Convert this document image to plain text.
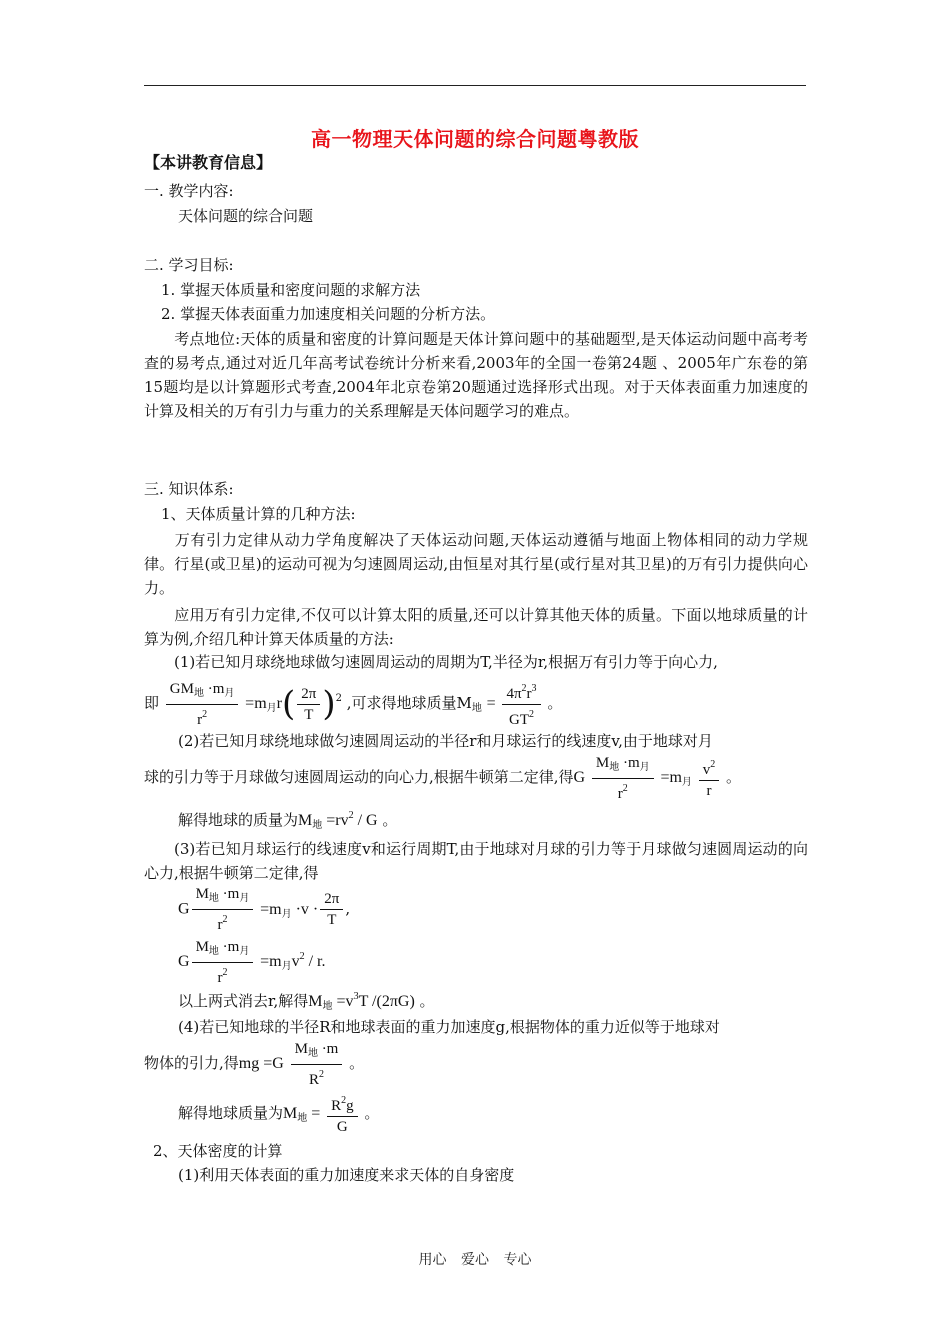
高一物理天体问题的综合问题粤教版
【本讲教育信息】
一. 教学内容:
天体问题的综合问题
二. 学习目标:
1. 掌握天体质量和密度问题的求解方法
2. 掌握天体表面重力加速度相关问题的分析方法。
考点地位:天体的质量和密度的计算问题是天体计算问题中的基础题型,是天体运动问题中高考考查的易考点,通过对近几年高考试卷统计分析来看,2003年的全国一卷第24题 、2005年广东卷的第15题均是以计算题形式考查,2004年北京卷第20题通过选择形式出现。对于天体表面重力加速度的计算及相关的万有引力与重力的关系理解是天体问题学习的难点。
三. 知识体系:
1、天体质量计算的几种方法:
万有引力定律从动力学角度解决了天体运动问题,天体运动遵循与地面上物体相同的动力学规律。行星(或卫星)的运动可视为匀速圆周运动,由恒星对其行星(或行星对其卫星)的万有引力提供向心力。
应用万有引力定律,不仅可以计算太阳的质量,还可以计算其他天体的质量。下面以地球质量的计算为例,介绍几种计算天体质量的方法:
(1)若已知月球绕地球做匀速圆周运动的周期为T,半径为r,根据万有引力等于向心力,
即 $\frac{GM_地 \cdot m_月}{r^2} =m_月r( \frac{2\pi}{T} )^2$ ,可求得地球质量$M_地 = \frac{4\pi^2r^3}{GT^2}$ 。
(2)若已知月球绕地球做匀速圆周运动的半径r和月球运行的线速度v,由于地球对月
球的引力等于月球做匀速圆周运动的向心力,根据牛顿第二定律,得G $\frac{M_地 \cdot m_月}{r^2} =m_月 \frac{v^2}{r}$ 。
解得地球的质量为$M_地 =rv^2 / G$ 。
(3)若已知月球运行的线速度v和运行周期T,由于地球对月球的引力等于月球做匀速圆周运动的向心力,根据牛顿第二定律,得
G $\frac{M_地 \cdot m_月}{r^2} =m_月 \cdot v \cdot \frac{2\pi}{T}$ ,
G $\frac{M_地 \cdot m_月}{r^2} =m_月v^2 / r$.
以上两式消去r,解得$M_地 =v^3T$ /(2πG) 。
(4)若已知地球的半径R和地球表面的重力加速度g,根据物体的重力近似等于地球对
物体的引力,得mg $=G \frac{M_地 \cdot m}{R^2}$ 。
解得地球质量为$M_地 = \frac{R^2g}{G}$ 。
2、天体密度的计算
(1)利用天体表面的重力加速度来求天体的自身密度
用心 爱心 专心
